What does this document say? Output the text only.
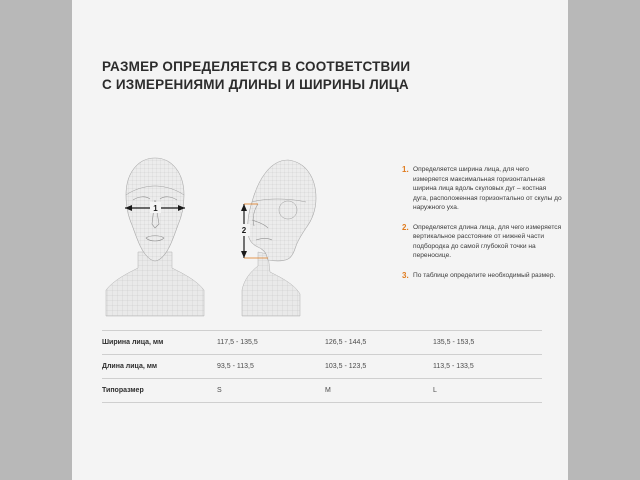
РАЗМЕР ОПРЕДЕЛЯЕТСЯ В СООТВЕТСТВИИ
С ИЗМЕРЕНИЯМИ ДЛИНЫ И ШИРИНЫ ЛИЦА
1
2
1. Определяется ширина лица, для чего измеряется максимальная горизонтальная ширина лица вдоль скуловых дуг – костная дуга, расположенная горизонтально от скулы до наружного уха.
2. Определяется длина лица, для чего измеряется вертикальное расстояние от нижней части подбородка до самой глубокой точки на переносице.
3. По таблице определите необходимый размер.
Ширина лица, мм	117,5 - 135,5	126,5 - 144,5	135,5 - 153,5
Длина лица, мм	93,5 - 113,5	103,5 - 123,5	113,5 - 133,5
Типоразмер	S	M	L
